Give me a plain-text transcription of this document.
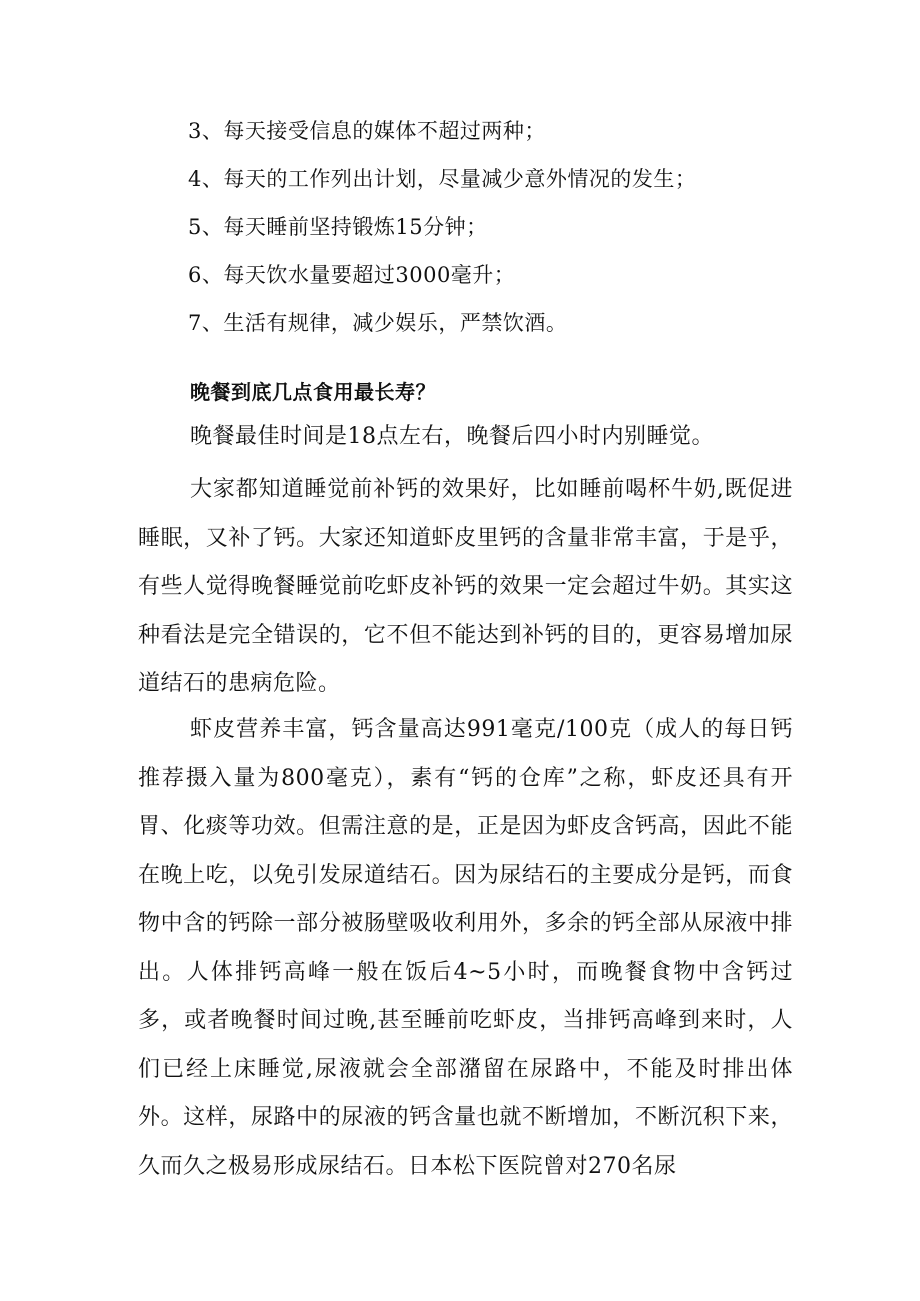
3、每天接受信息的媒体不超过两种；
4、每天的工作列出计划，尽量减少意外情况的发生；
5、每天睡前坚持锻炼15分钟；
6、每天饮水量要超过3000毫升；
7、生活有规律，减少娱乐，严禁饮酒。
晚餐到底几点食用最长寿？
晚餐最佳时间是18点左右，晚餐后四小时内别睡觉。
大家都知道睡觉前补钙的效果好，比如睡前喝杯牛奶,既促进睡眠，又补了钙。大家还知道虾皮里钙的含量非常丰富，于是乎，有些人觉得晚餐睡觉前吃虾皮补钙的效果一定会超过牛奶。其实这种看法是完全错误的，它不但不能达到补钙的目的，更容易增加尿道结石的患病危险。
虾皮营养丰富，钙含量高达991毫克/100克（成人的每日钙推荐摄入量为800毫克），素有“钙的仓库”之称，虾皮还具有开胃、化痰等功效。但需注意的是，正是因为虾皮含钙高，因此不能在晚上吃，以免引发尿道结石。因为尿结石的主要成分是钙，而食物中含的钙除一部分被肠壁吸收利用外，多余的钙全部从尿液中排出。人体排钙高峰一般在饭后4~5小时，而晚餐食物中含钙过多，或者晚餐时间过晚,甚至睡前吃虾皮，当排钙高峰到来时，人们已经上床睡觉,尿液就会全部潴留在尿路中，不能及时排出体外。这样，尿路中的尿液的钙含量也就不断增加，不断沉积下来，久而久之极易形成尿结石。日本松下医院曾对270名尿
